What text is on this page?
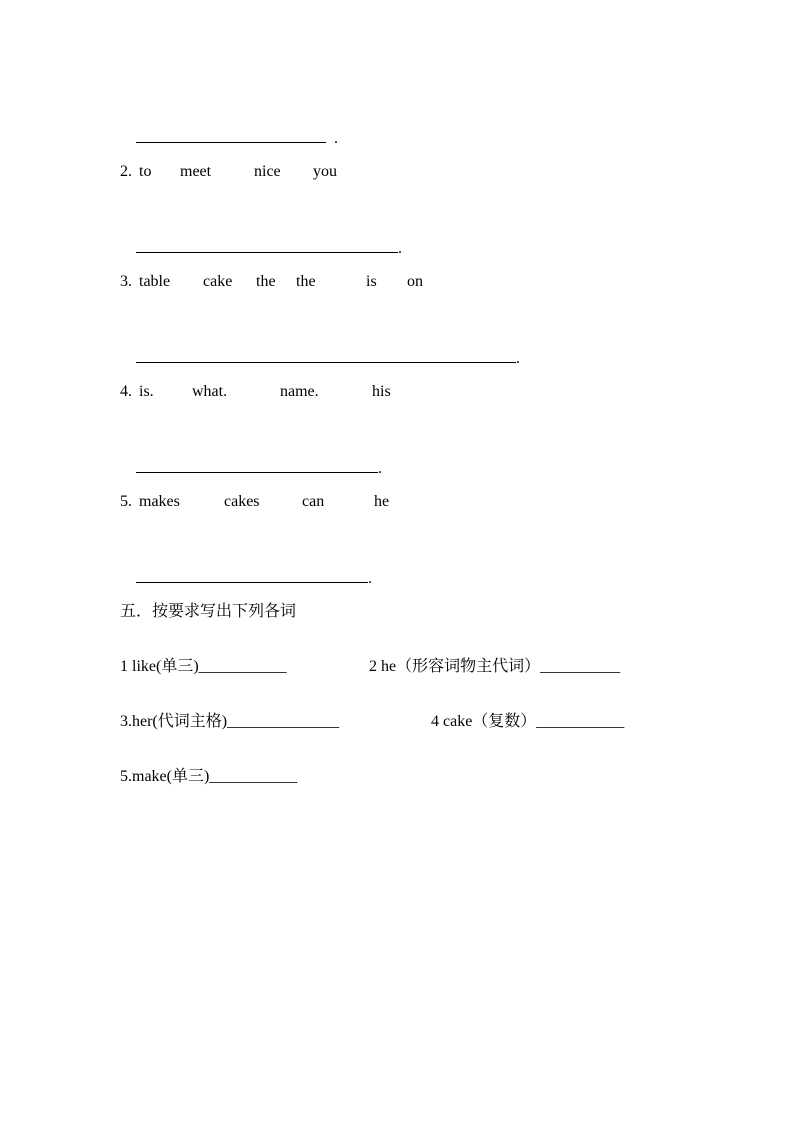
.

2.

to

meet

	nice

you

.

3.

table

cake

the

the

	is

on

.

4.

is.

what.

	name.

	his

.

5.

makes

	cakes

	can

	he

.

五．按要求写出下列各词

1 like(单三)___________

	2 he（形容词物主代词）__________

3.her(代词主格)______________

	4 cake（复数）___________

5.make(单三)___________
